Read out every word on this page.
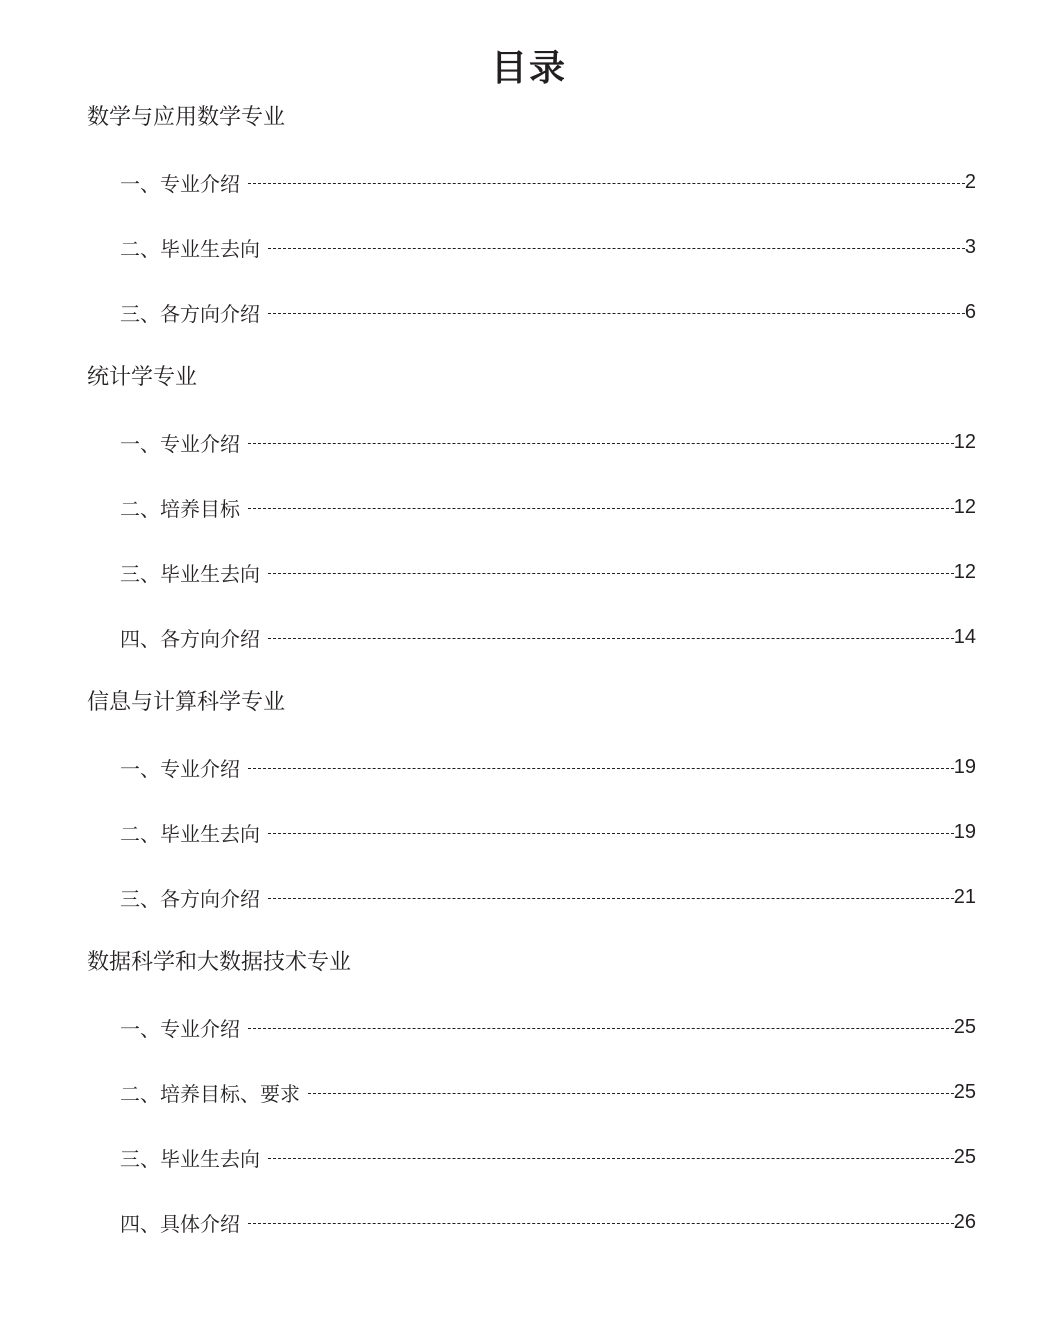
目录
数学与应用数学专业
一、专业介绍	2
二、毕业生去向	3
三、各方向介绍	6
统计学专业
一、专业介绍	12
二、培养目标	12
三、毕业生去向	12
四、各方向介绍	14
信息与计算科学专业
一、专业介绍	19
二、毕业生去向	19
三、各方向介绍	21
数据科学和大数据技术专业
一、专业介绍	25
二、培养目标、要求	25
三、毕业生去向	25
四、具体介绍	26
